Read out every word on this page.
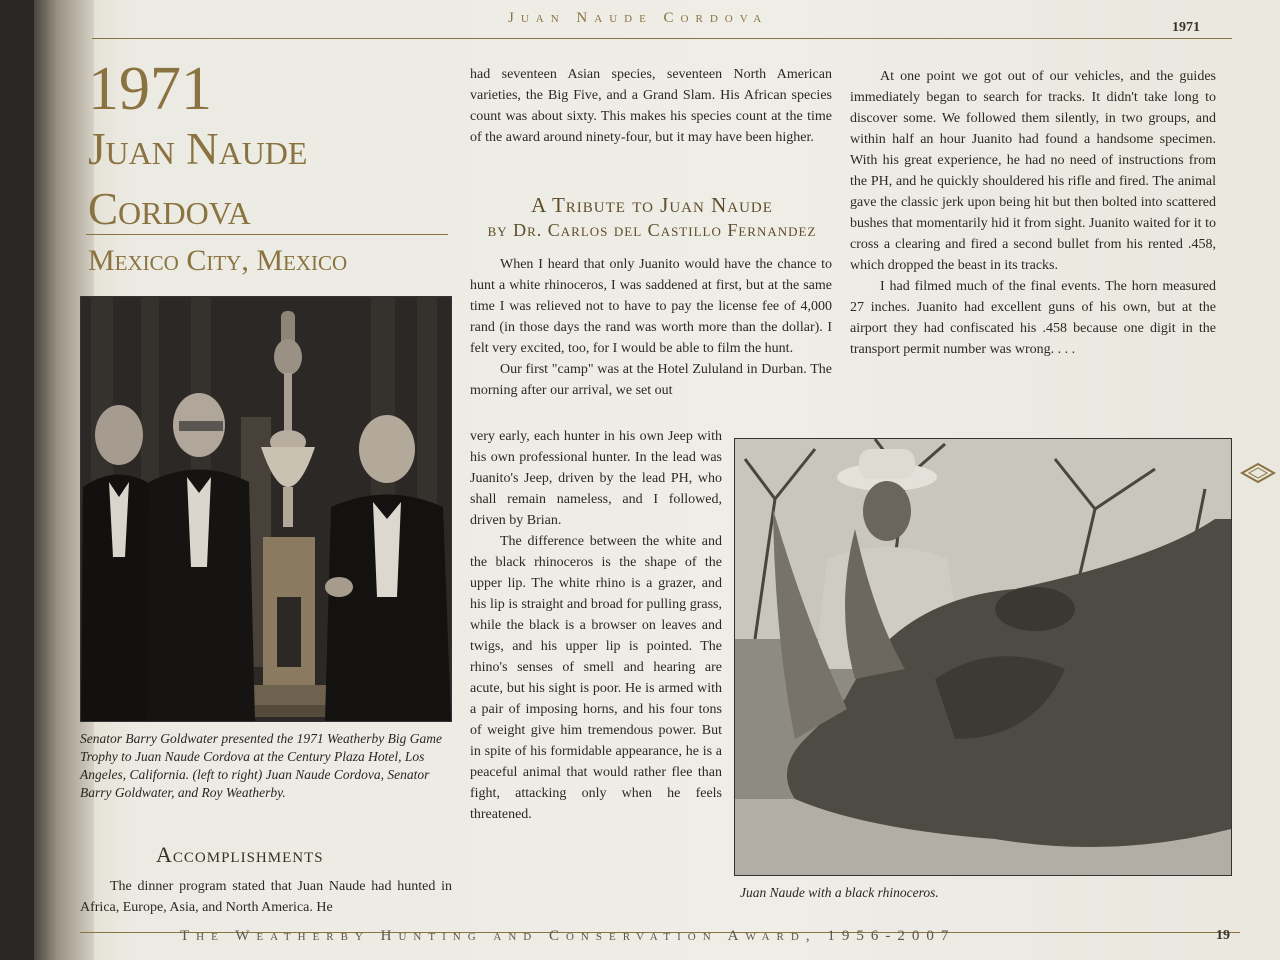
Juan Naude Cordova
1971
1971
Juan Naude
Cordova
Mexico City, Mexico
Senator Barry Goldwater presented the 1971 Weatherby Big Game Trophy to Juan Naude Cordova at the Century Plaza Hotel, Los Angeles, California. (left to right) Juan Naude Cordova, Senator Barry Goldwater, and Roy Weatherby.
Accomplishments

The dinner program stated that Juan Naude had hunted in Africa, Europe, Asia, and North America. He

had seventeen Asian species, seventeen North American varieties, the Big Five, and a Grand Slam. His African species count was about sixty. This makes his species count at the time of the award around ninety-four, but it may have been higher.

A Tribute to Juan Naude
by Dr. Carlos del Castillo Fernandez

When I heard that only Juanito would have the chance to hunt a white rhinoceros, I was saddened at first, but at the same time I was relieved not to have to pay the license fee of 4,000 rand (in those days the rand was worth more than the dollar). I felt very excited, too, for I would be able to film the hunt.

Our first "camp" was at the Hotel Zululand in Durban. The morning after our arrival, we set out

very early, each hunter in his own Jeep with his own professional hunter. In the lead was Juanito's Jeep, driven by the lead PH, who shall remain nameless, and I followed, driven by Brian.

The difference between the white and the black rhinoceros is the shape of the upper lip. The white rhino is a grazer, and his lip is straight and broad for pulling grass, while the black is a browser on leaves and twigs, and his upper lip is pointed. The rhino's senses of smell and hearing are acute, but his sight is poor. He is armed with a pair of imposing horns, and his four tons of weight give him tremendous power. But in spite of his formidable appearance, he is a peaceful animal that would rather flee than fight, attacking only when he feels threatened.

At one point we got out of our vehicles, and the guides immediately began to search for tracks. It didn't take long to discover some. We followed them silently, in two groups, and within half an hour Juanito had found a handsome specimen. With his great experience, he had no need of instructions from the PH, and he quickly shouldered his rifle and fired. The animal gave the classic jerk upon being hit but then bolted into scattered bushes that momentarily hid it from sight. Juanito waited for it to cross a clearing and fired a second bullet from his rented .458, which dropped the beast in its tracks.

I had filmed much of the final events. The horn measured 27 inches. Juanito had excellent guns of his own, but at the airport they had confiscated his .458 because one digit in the transport permit number was wrong. . . .

Juan Naude with a black rhinoceros.
The Weatherby Hunting and Conservation Award, 1956-2007	19
